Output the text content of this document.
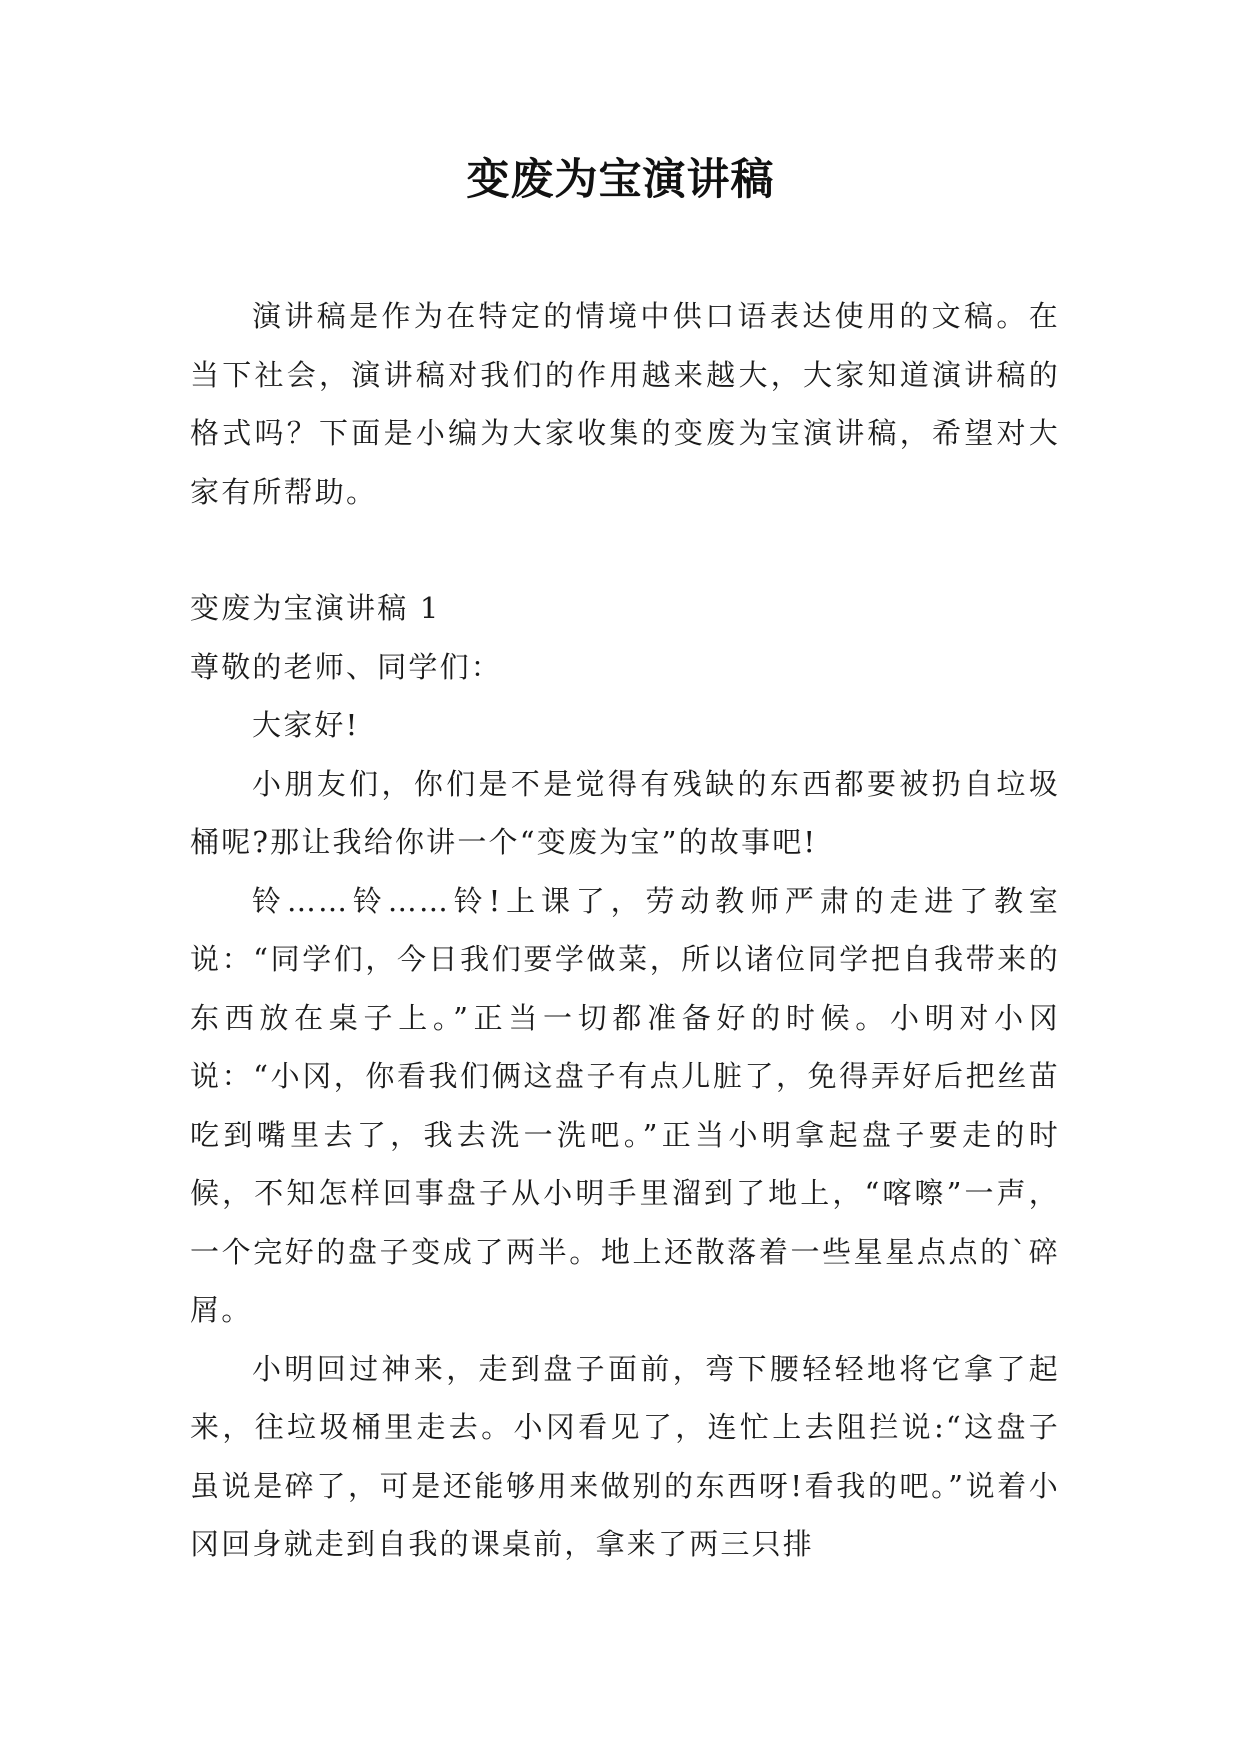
变废为宝演讲稿

演讲稿是作为在特定的情境中供口语表达使用的文稿。在当下社会，演讲稿对我们的作用越来越大，大家知道演讲稿的格式吗？下面是小编为大家收集的变废为宝演讲稿，希望对大家有所帮助。

变废为宝演讲稿 1

尊敬的老师、同学们：

大家好!

小朋友们，你们是不是觉得有残缺的东西都要被扔自垃圾桶呢?那让我给你讲一个“变废为宝”的故事吧!

铃……铃……铃!上课了，劳动教师严肃的走进了教室说：“同学们，今日我们要学做菜，所以诸位同学把自我带来的东西放在桌子上。”正当一切都准备好的时候。小明对小冈说：“小冈，你看我们俩这盘子有点儿脏了，免得弄好后把丝苗吃到嘴里去了，我去洗一洗吧。”正当小明拿起盘子要走的时候，不知怎样回事盘子从小明手里溜到了地上，“喀嚓”一声，一个完好的盘子变成了两半。地上还散落着一些星星点点的`碎屑。

小明回过神来，走到盘子面前，弯下腰轻轻地将它拿了起来，往垃圾桶里走去。小冈看见了，连忙上去阻拦说:“这盘子虽说是碎了，可是还能够用来做别的东西呀!看我的吧。”说着小冈回身就走到自我的课桌前，拿来了两三只排
